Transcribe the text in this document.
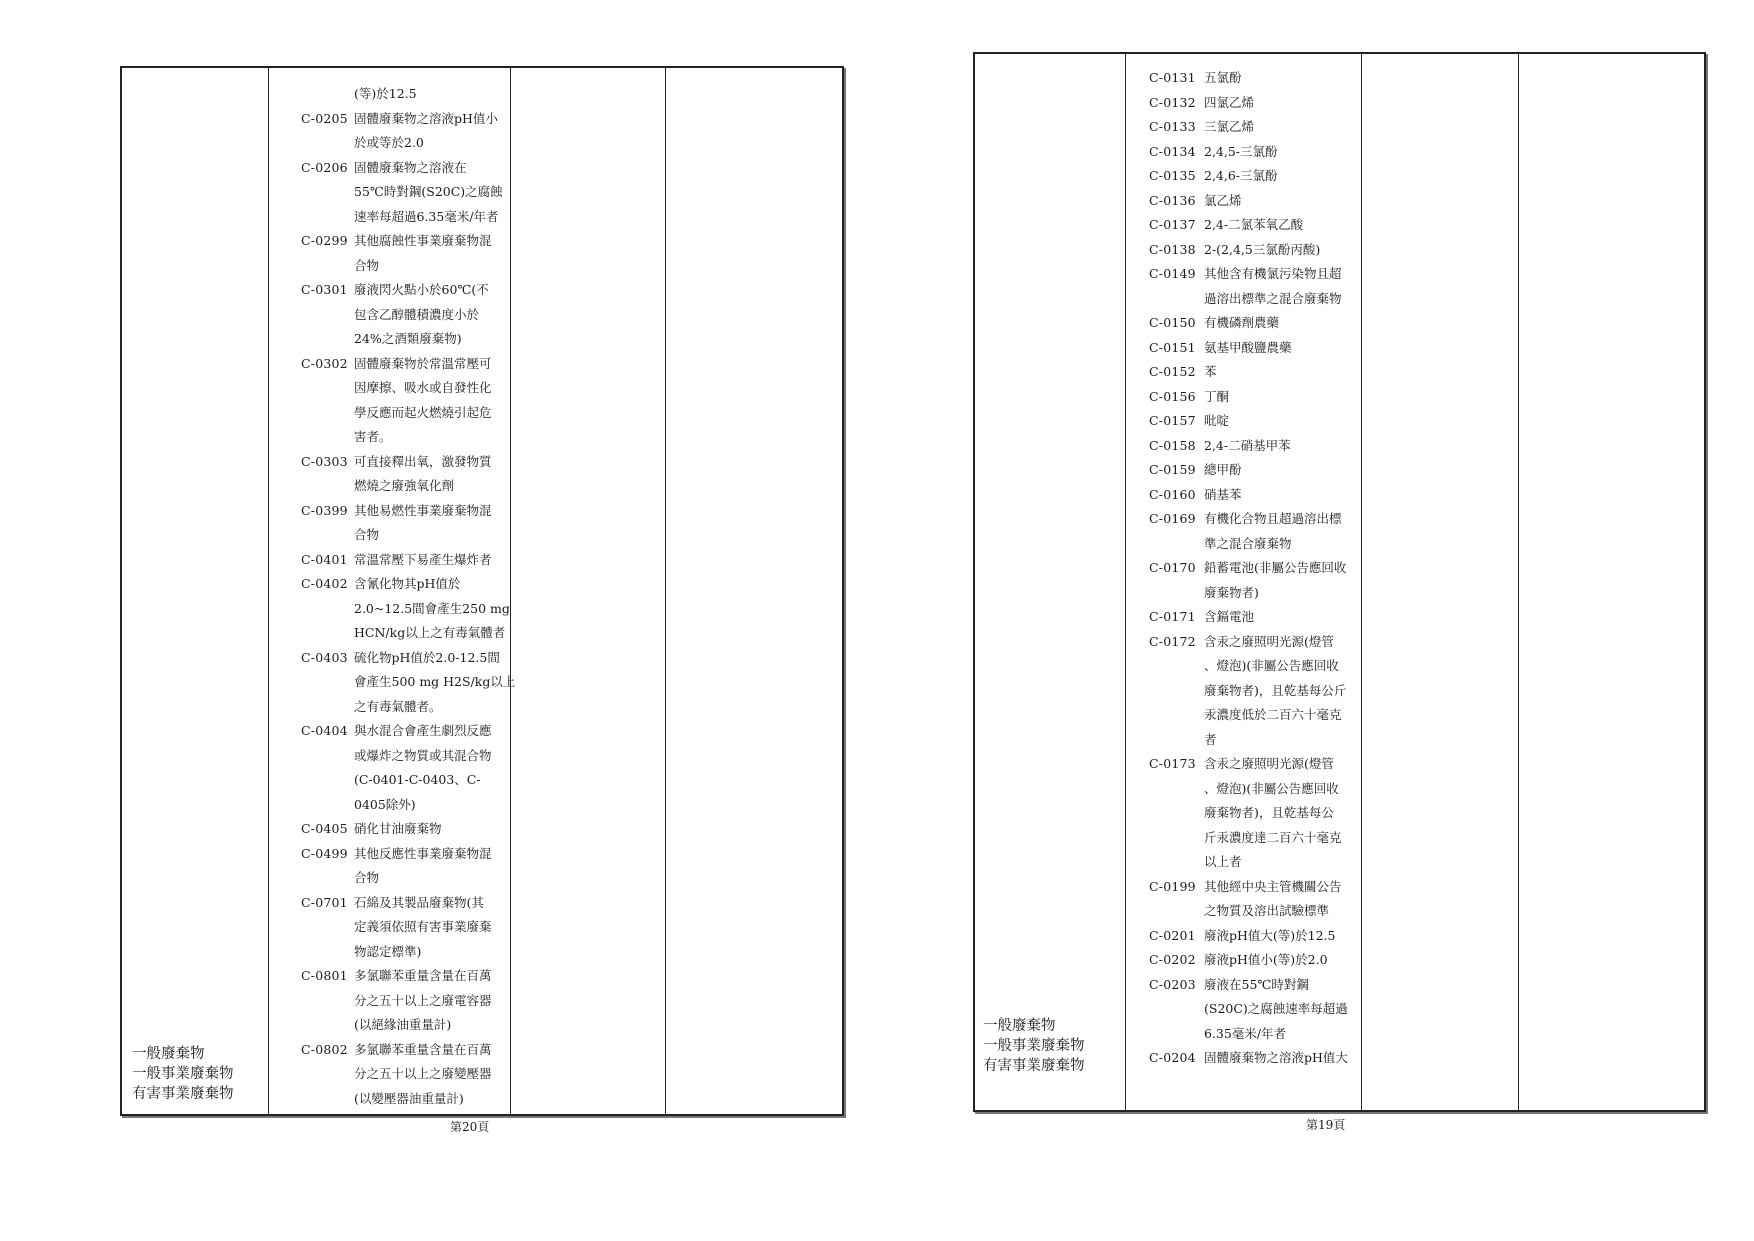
一般廢棄物
一般事業廢棄物
有害事業廢棄物
(等)於12.5
C-0205 固體廢棄物之溶液pH值小
於或等於2.0
C-0206 固體廢棄物之溶液在
55℃時對鋼(S20C)之腐蝕
速率每超過6.35毫米/年者
C-0299 其他腐蝕性事業廢棄物混
合物
C-0301 廢液閃火點小於60℃(不
包含乙醇體積濃度小於
24%之酒類廢棄物)
C-0302 固體廢棄物於常溫常壓可
因摩擦、吸水或自發性化
學反應而起火燃燒引起危
害者。
C-0303 可直接釋出氧，激發物質
燃燒之廢強氧化劑
C-0399 其他易燃性事業廢棄物混
合物
C-0401 常溫常壓下易產生爆炸者
C-0402 含氰化物其pH值於
2.0~12.5間會產生250 mg
HCN/kg以上之有毒氣體者
C-0403 硫化物pH值於2.0-12.5間
會產生500 mg H2S/kg以上
之有毒氣體者。
C-0404 與水混合會產生劇烈反應
或爆炸之物質或其混合物
(C-0401-C-0403、C-
0405除外)
C-0405 硝化甘油廢棄物
C-0499 其他反應性事業廢棄物混
合物
C-0701 石綿及其製品廢棄物(其
定義須依照有害事業廢棄
物認定標準)
C-0801 多氯聯苯重量含量在百萬
分之五十以上之廢電容器
(以絕緣油重量計)
C-0802 多氯聯苯重量含量在百萬
分之五十以上之廢變壓器
(以變壓器油重量計)
第20頁
一般廢棄物
一般事業廢棄物
有害事業廢棄物
C-0131 五氯酚
C-0132 四氯乙烯
C-0133 三氯乙烯
C-0134 2,4,5-三氯酚
C-0135 2,4,6-三氯酚
C-0136 氯乙烯
C-0137 2,4-二氯苯氧乙酸
C-0138 2-(2,4,5三氯酚丙酸)
C-0149 其他含有機氯污染物且超
過溶出標準之混合廢棄物
C-0150 有機磷劑農藥
C-0151 氨基甲酸鹽農藥
C-0152 苯
C-0156 丁酮
C-0157 吡啶
C-0158 2,4-二硝基甲苯
C-0159 總甲酚
C-0160 硝基苯
C-0169 有機化合物且超過溶出標
準之混合廢棄物
C-0170 鉛蓄電池(非屬公告應回收
廢棄物者)
C-0171 含鎘電池
C-0172 含汞之廢照明光源(燈管
、燈泡)(非屬公告應回收
廢棄物者)，且乾基每公斤
汞濃度低於二百六十毫克
者
C-0173 含汞之廢照明光源(燈管
、燈泡)(非屬公告應回收
廢棄物者)，且乾基每公
斤汞濃度達二百六十毫克
以上者
C-0199 其他經中央主管機關公告
之物質及溶出試驗標準
C-0201 廢液pH值大(等)於12.5
C-0202 廢液pH值小(等)於2.0
C-0203 廢液在55℃時對鋼
(S20C)之腐蝕速率每超過
6.35毫米/年者
C-0204 固體廢棄物之溶液pH值大
第19頁
